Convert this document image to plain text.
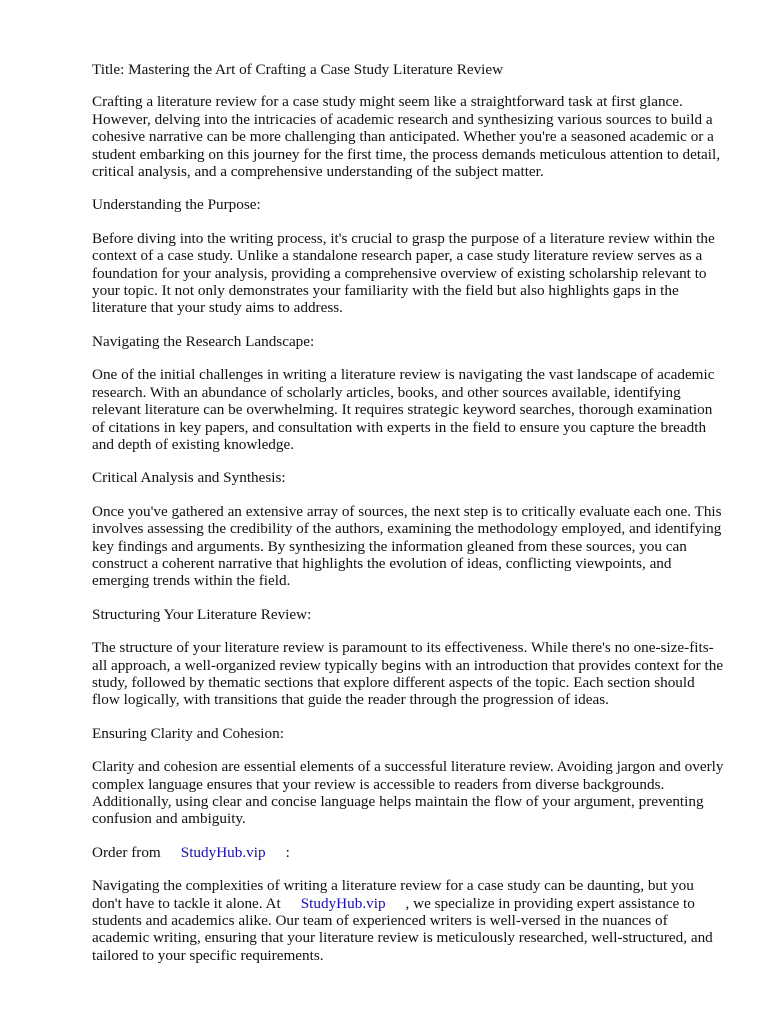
Title: Mastering the Art of Crafting a Case Study Literature Review

Crafting a literature review for a case study might seem like a straightforward task at first glance. However, delving into the intricacies of academic research and synthesizing various sources to build a cohesive narrative can be more challenging than anticipated. Whether you're a seasoned academic or a student embarking on this journey for the first time, the process demands meticulous attention to detail, critical analysis, and a comprehensive understanding of the subject matter.

Understanding the Purpose:

Before diving into the writing process, it's crucial to grasp the purpose of a literature review within the context of a case study. Unlike a standalone research paper, a case study literature review serves as a foundation for your analysis, providing a comprehensive overview of existing scholarship relevant to your topic. It not only demonstrates your familiarity with the field but also highlights gaps in the literature that your study aims to address.

Navigating the Research Landscape:

One of the initial challenges in writing a literature review is navigating the vast landscape of academic research. With an abundance of scholarly articles, books, and other sources available, identifying relevant literature can be overwhelming. It requires strategic keyword searches, thorough examination of citations in key papers, and consultation with experts in the field to ensure you capture the breadth and depth of existing knowledge.

Critical Analysis and Synthesis:

Once you've gathered an extensive array of sources, the next step is to critically evaluate each one. This involves assessing the credibility of the authors, examining the methodology employed, and identifying key findings and arguments. By synthesizing the information gleaned from these sources, you can construct a coherent narrative that highlights the evolution of ideas, conflicting viewpoints, and emerging trends within the field.

Structuring Your Literature Review:

The structure of your literature review is paramount to its effectiveness. While there's no one-size-fits-all approach, a well-organized review typically begins with an introduction that provides context for the study, followed by thematic sections that explore different aspects of the topic. Each section should flow logically, with transitions that guide the reader through the progression of ideas.

Ensuring Clarity and Cohesion:

Clarity and cohesion are essential elements of a successful literature review. Avoiding jargon and overly complex language ensures that your review is accessible to readers from diverse backgrounds. Additionally, using clear and concise language helps maintain the flow of your argument, preventing confusion and ambiguity.

Order from StudyHub.vip :

Navigating the complexities of writing a literature review for a case study can be daunting, but you don't have to tackle it alone. At StudyHub.vip , we specialize in providing expert assistance to students and academics alike. Our team of experienced writers is well-versed in the nuances of academic writing, ensuring that your literature review is meticulously researched, well-structured, and tailored to your specific requirements.
